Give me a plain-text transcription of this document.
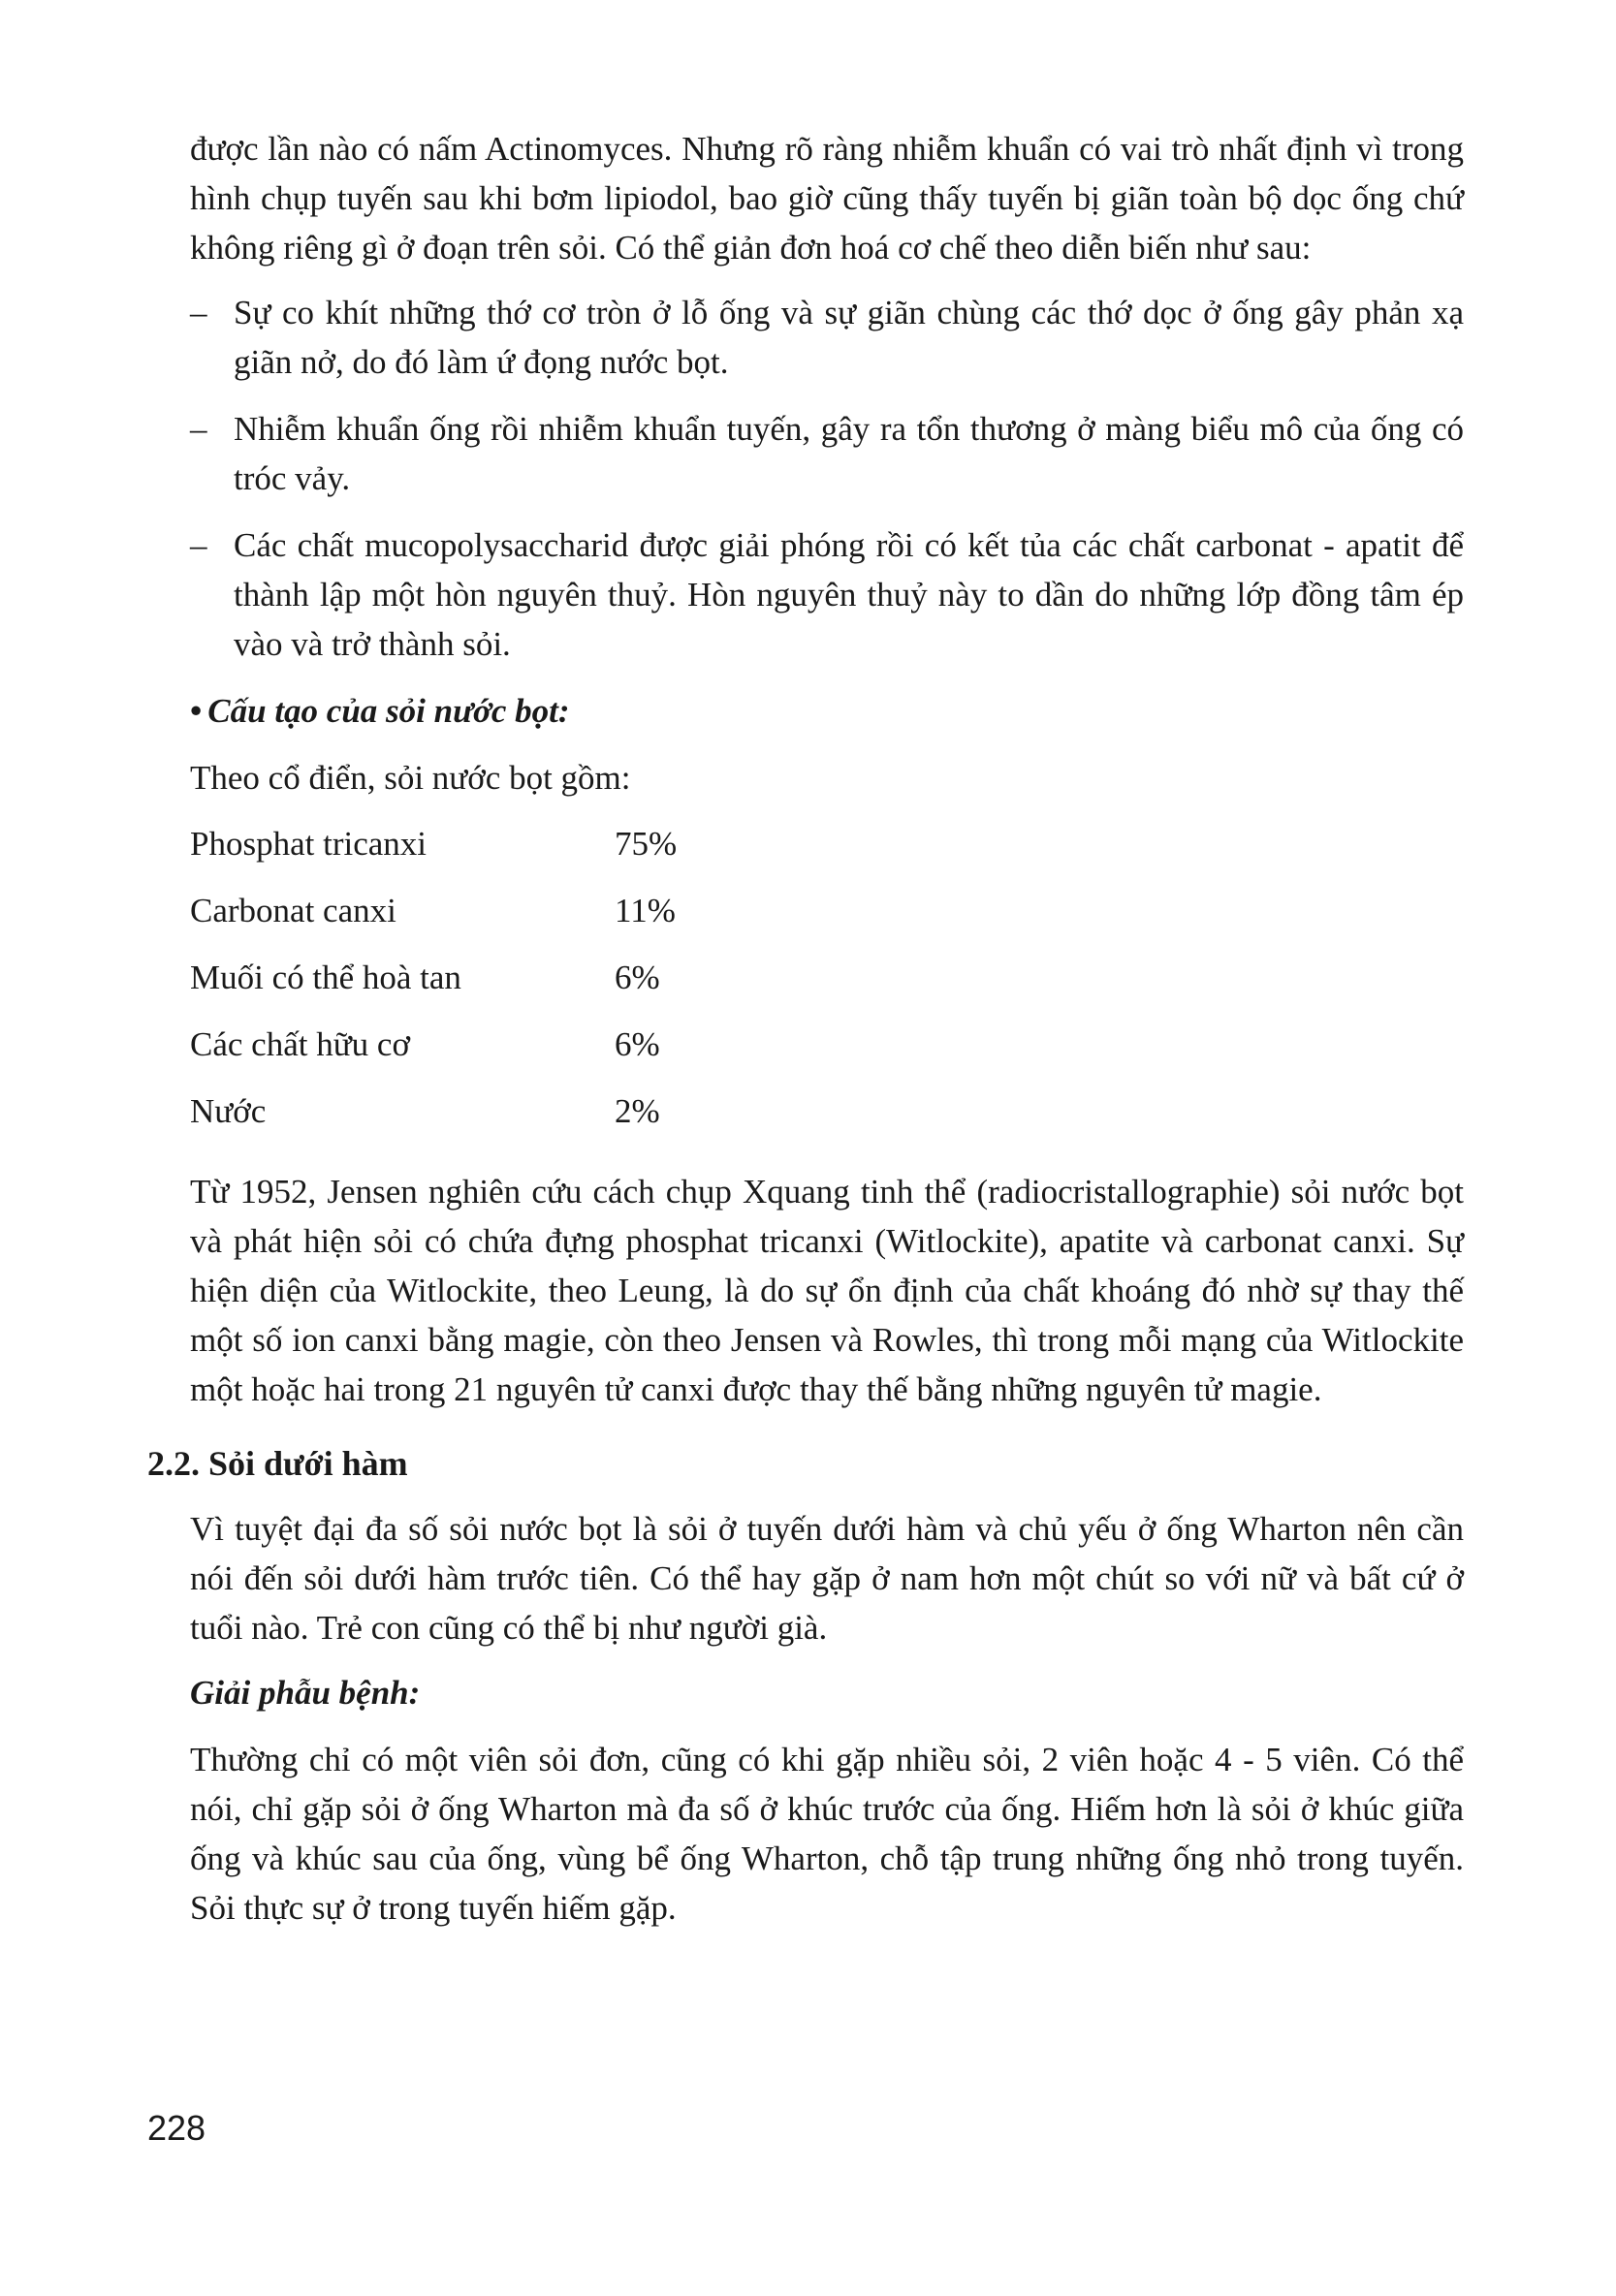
được lần nào có nấm Actinomyces. Nhưng rõ ràng nhiễm khuẩn có vai trò nhất định vì trong hình chụp tuyến sau khi bơm lipiodol, bao giờ cũng thấy tuyến bị giãn toàn bộ dọc ống chứ không riêng gì ở đoạn trên sỏi. Có thể giản đơn hoá cơ chế theo diễn biến như sau:

– Sự co khít những thớ cơ tròn ở lỗ ống và sự giãn chùng các thớ dọc ở ống gây phản xạ giãn nở, do đó làm ứ đọng nước bọt.
– Nhiễm khuẩn ống rồi nhiễm khuẩn tuyến, gây ra tổn thương ở màng biểu mô của ống có tróc vảy.
– Các chất mucopolysaccharid được giải phóng rồi có kết tủa các chất carbonat - apatit để thành lập một hòn nguyên thuỷ. Hòn nguyên thuỷ này to dần do những lớp đồng tâm ép vào và trở thành sỏi.

• Cấu tạo của sỏi nước bọt:

Theo cổ điển, sỏi nước bọt gồm:

Phosphat tricanxi	75%
Carbonat canxi	11%
Muối có thể hoà tan	6%
Các chất hữu cơ	6%
Nước	2%

Từ 1952, Jensen nghiên cứu cách chụp Xquang tinh thể (radiocristallographie) sỏi nước bọt và phát hiện sỏi có chứa đựng phosphat tricanxi (Witlockite), apatite và carbonat canxi. Sự hiện diện của Witlockite, theo Leung, là do sự ổn định của chất khoáng đó nhờ sự thay thế một số ion canxi bằng magie, còn theo Jensen và Rowles, thì trong mỗi mạng của Witlockite một hoặc hai trong 21 nguyên tử canxi được thay thế bằng những nguyên tử magie.

2.2. Sỏi dưới hàm

Vì tuyệt đại đa số sỏi nước bọt là sỏi ở tuyến dưới hàm và chủ yếu ở ống Wharton nên cần nói đến sỏi dưới hàm trước tiên. Có thể hay gặp ở nam hơn một chút so với nữ và bất cứ ở tuổi nào. Trẻ con cũng có thể bị như người già.

Giải phẫu bệnh:

Thường chỉ có một viên sỏi đơn, cũng có khi gặp nhiều sỏi, 2 viên hoặc 4 - 5 viên. Có thể nói, chỉ gặp sỏi ở ống Wharton mà đa số ở khúc trước của ống. Hiếm hơn là sỏi ở khúc giữa ống và khúc sau của ống, vùng bể ống Wharton, chỗ tập trung những ống nhỏ trong tuyến. Sỏi thực sự ở trong tuyến hiếm gặp.

228
